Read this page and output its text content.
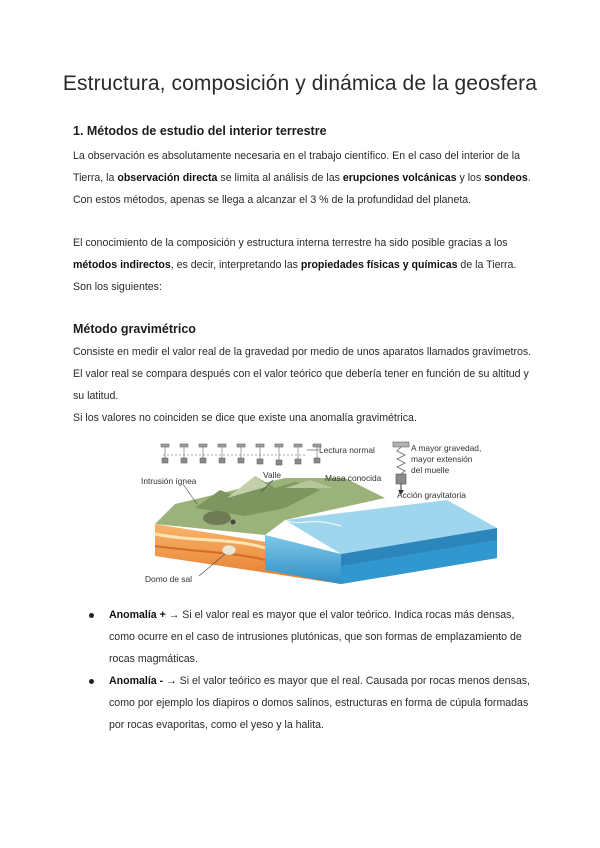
Estructura, composición y dinámica de la geosfera
1. Métodos de estudio del interior terrestre

La observación es absolutamente necesaria en el trabajo científico. En el caso del interior de la Tierra, la observación directa se limita al análisis de las erupciones volcánicas y los sondeos. Con estos métodos, apenas se llega a alcanzar el 3 % de la profundidad del planeta.

El conocimiento de la composición y estructura interna terrestre ha sido posible gracias a los métodos indirectos, es decir, interpretando las propiedades físicas y químicas de la Tierra. Son los siguientes:

Método gravimétrico

Consiste en medir el valor real de la gravedad por medio de unos aparatos llamados gravímetros. El valor real se compara después con el valor teórico que debería tener en función de su altitud y su latitud.
Si los valores no coinciden se dice que existe una anomalía gravimétrica.

Lectura normal	A mayor gravedad,
mayor extensión
del muelle
Masa conocida
Acción gravitatoria
Intrusión ígnea
Valle
Domo de sal
Anomalía + → Si el valor real es mayor que el valor teórico. Indica rocas más densas, como ocurre en el caso de intrusiones plutónicas, que son formas de emplazamiento de rocas magmáticas.
Anomalía - → Si el valor teórico es mayor que el real. Causada por rocas menos densas, como por ejemplo los diapiros o domos salinos, estructuras en forma de cúpula formadas por rocas evaporitas, como el yeso y la halita.
